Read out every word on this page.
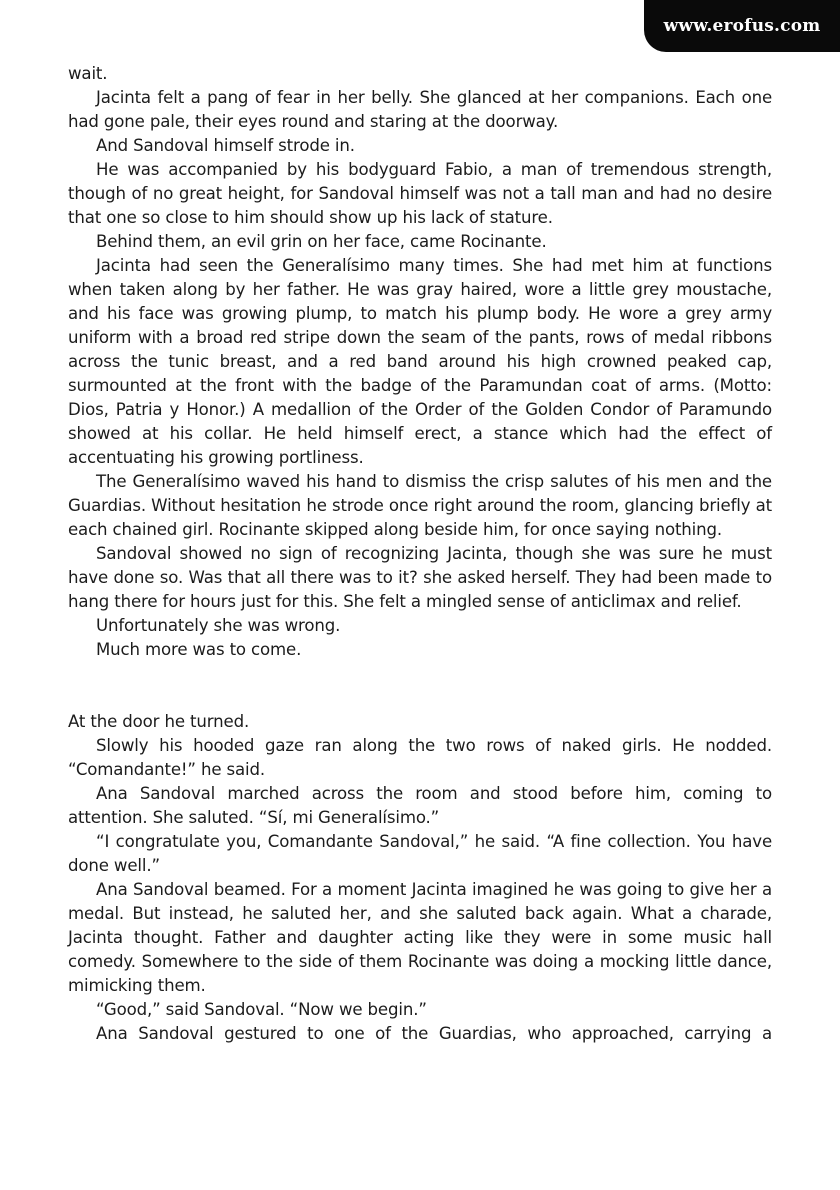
www.erofus.com

wait.

Jacinta felt a pang of fear in her belly. She glanced at her companions. Each one had gone pale, their eyes round and staring at the doorway.

And Sandoval himself strode in.

He was accompanied by his bodyguard Fabio, a man of tremendous strength, though of no great height, for Sandoval himself was not a tall man and had no desire that one so close to him should show up his lack of stature.

Behind them, an evil grin on her face, came Rocinante.

Jacinta had seen the Generalísimo many times. She had met him at functions when taken along by her father. He was gray haired, wore a little grey moustache, and his face was growing plump, to match his plump body. He wore a grey army uniform with a broad red stripe down the seam of the pants, rows of medal ribbons across the tunic breast, and a red band around his high crowned peaked cap, surmounted at the front with the badge of the Paramundan coat of arms. (Motto: Dios, Patria y Honor.) A medallion of the Order of the Golden Condor of Paramundo showed at his collar. He held himself erect, a stance which had the effect of accentuating his growing portliness.

The Generalísimo waved his hand to dismiss the crisp salutes of his men and the Guardias. Without hesitation he strode once right around the room, glancing briefly at each chained girl. Rocinante skipped along beside him, for once saying nothing.

Sandoval showed no sign of recognizing Jacinta, though she was sure he must have done so. Was that all there was to it? she asked herself. They had been made to hang there for hours just for this. She felt a mingled sense of anticlimax and relief.

Unfortunately she was wrong.

Much more was to come.

At the door he turned.

Slowly his hooded gaze ran along the two rows of naked girls. He nodded. “Comandante!” he said.

Ana Sandoval marched across the room and stood before him, coming to attention. She saluted. “Sí, mi Generalísimo.”

“I congratulate you, Comandante Sandoval,” he said. “A fine collection. You have done well.”

Ana Sandoval beamed. For a moment Jacinta imagined he was going to give her a medal. But instead, he saluted her, and she saluted back again. What a charade, Jacinta thought. Father and daughter acting like they were in some music hall comedy. Somewhere to the side of them Rocinante was doing a mocking little dance, mimicking them.

“Good,” said Sandoval. “Now we begin.”

Ana Sandoval gestured to one of the Guardias, who approached, carrying a
